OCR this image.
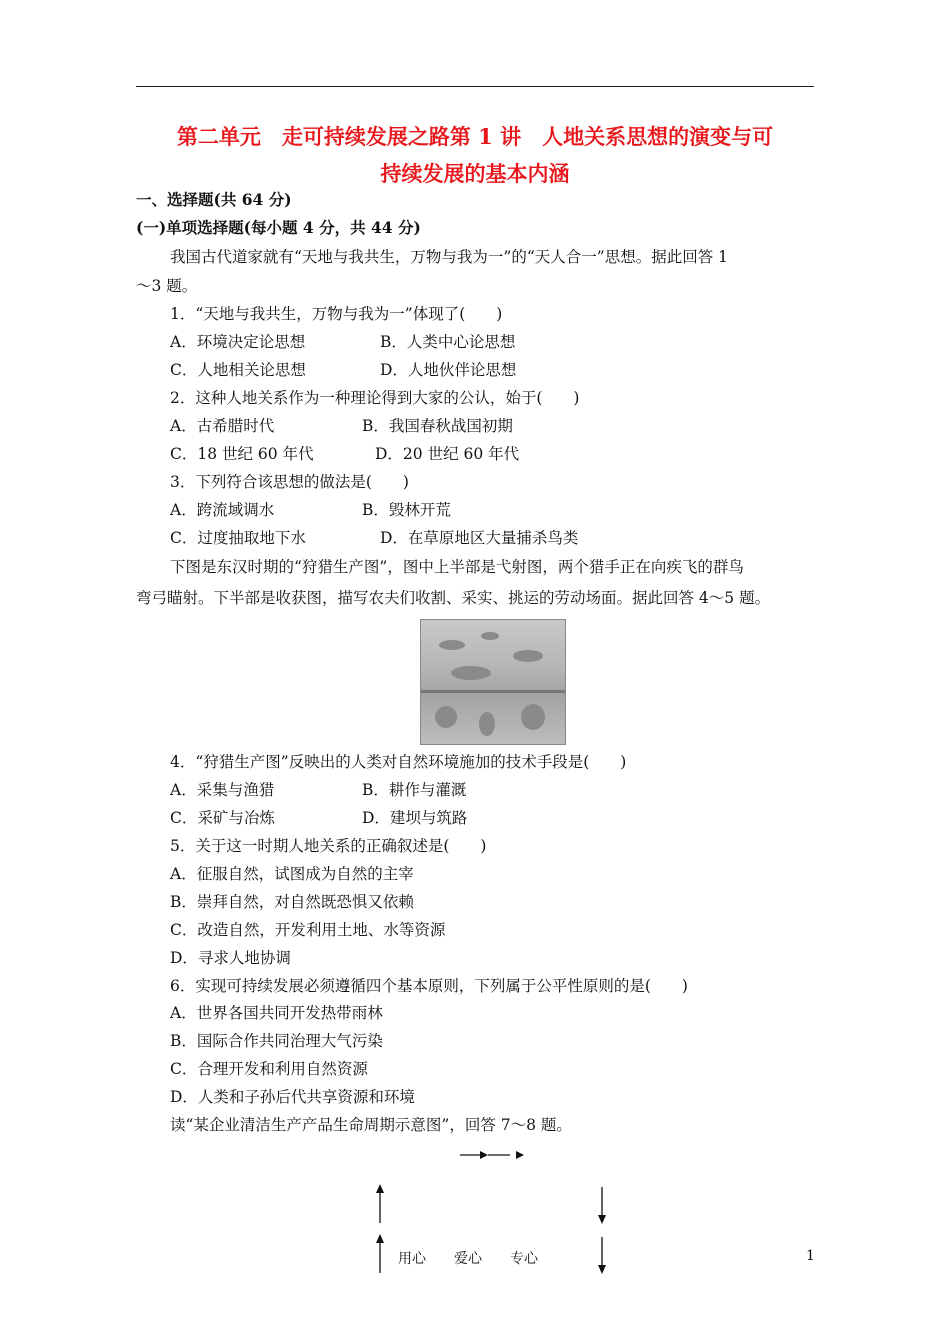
第二单元　走可持续发展之路第 1 讲　人地关系思想的演变与可
持续发展的基本内涵
一、选择题(共 64 分)
(一)单项选择题(每小题 4 分，共 44 分)
我国古代道家就有“天地与我共生，万物与我为一”的“天人合一”思想。据此回答 1
～3 题。
1．“天地与我共生，万物与我为一”体现了(　　)
A．环境决定论思想	B．人类中心论思想
C．人地相关论思想	D．人地伙伴论思想
2．这种人地关系作为一种理论得到大家的公认，始于(　　)
A．古希腊时代	B．我国春秋战国初期
C．18 世纪 60 年代	D．20 世纪 60 年代
3．下列符合该思想的做法是(　　)
A．跨流域调水	B．毁林开荒
C．过度抽取地下水	D．在草原地区大量捕杀鸟类
下图是东汉时期的“狩猎生产图”，图中上半部是弋射图，两个猎手正在向疾飞的群鸟
弯弓瞄射。下半部是收获图，描写农夫们收割、采实、挑运的劳动场面。据此回答 4～5 题。
4．“狩猎生产图”反映出的人类对自然环境施加的技术手段是(　　)
A．采集与渔猎	B．耕作与灌溉
C．采矿与冶炼	D．建坝与筑路
5．关于这一时期人地关系的正确叙述是(　　)
A．征服自然，试图成为自然的主宰
B．崇拜自然，对自然既恐惧又依赖
C．改造自然，开发利用土地、水等资源
D．寻求人地协调
6．实现可持续发展必须遵循四个基本原则，下列属于公平性原则的是(　　)
A．世界各国共同开发热带雨林
B．国际合作共同治理大气污染
C．合理开发和利用自然资源
D．人类和子孙后代共享资源和环境
读“某企业清洁生产产品生命周期示意图”，回答 7～8 题。
用心　　爱心　　专心	1
